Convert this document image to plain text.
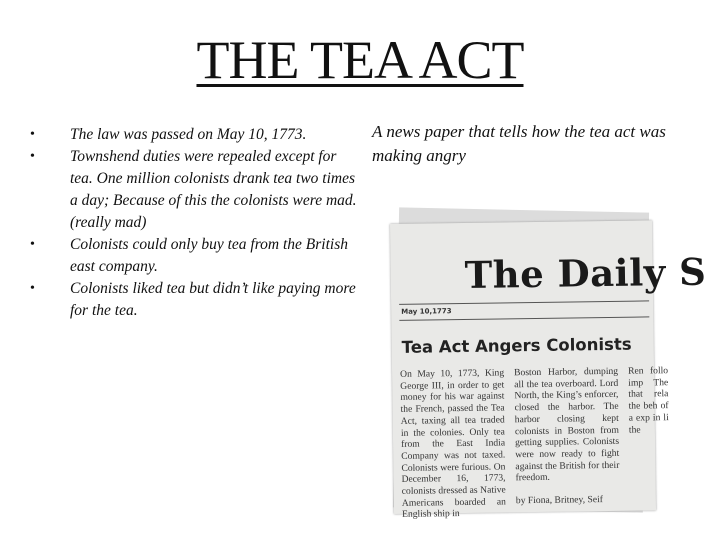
THE TEA ACT
• The law was passed on May 10, 1773.
• Townshend duties were repealed except for tea. One million colonists drank tea two times a day; Because of this the colonists were mad. (really mad)
• Colonists could only buy tea from the British east company.
• Colonists liked tea but didn’t like paying more for the tea.
A news paper that tells how the tea act was making angry
The Daily S
May 10,1773
Tea Act Angers Colonists
On May 10, 1773, King George III, in order to get money for his war against the French, passed the Tea Act, taxing all tea traded in the colonies. Only tea from the East India Company was not taxed. Colonists were furious. On December 16, 1773, colonists dressed as Native Americans boarded an English ship in
Boston Harbor, dumping all the tea overboard. Lord North, the King’s enforcer, closed the harbor. The harbor closing kept colonists in Boston from getting supplies. Colonists were now ready to fight against the British for their freedom.
by Fiona, Britney, Seif
Ren follo imp The that rela the beh of a exp in li the
